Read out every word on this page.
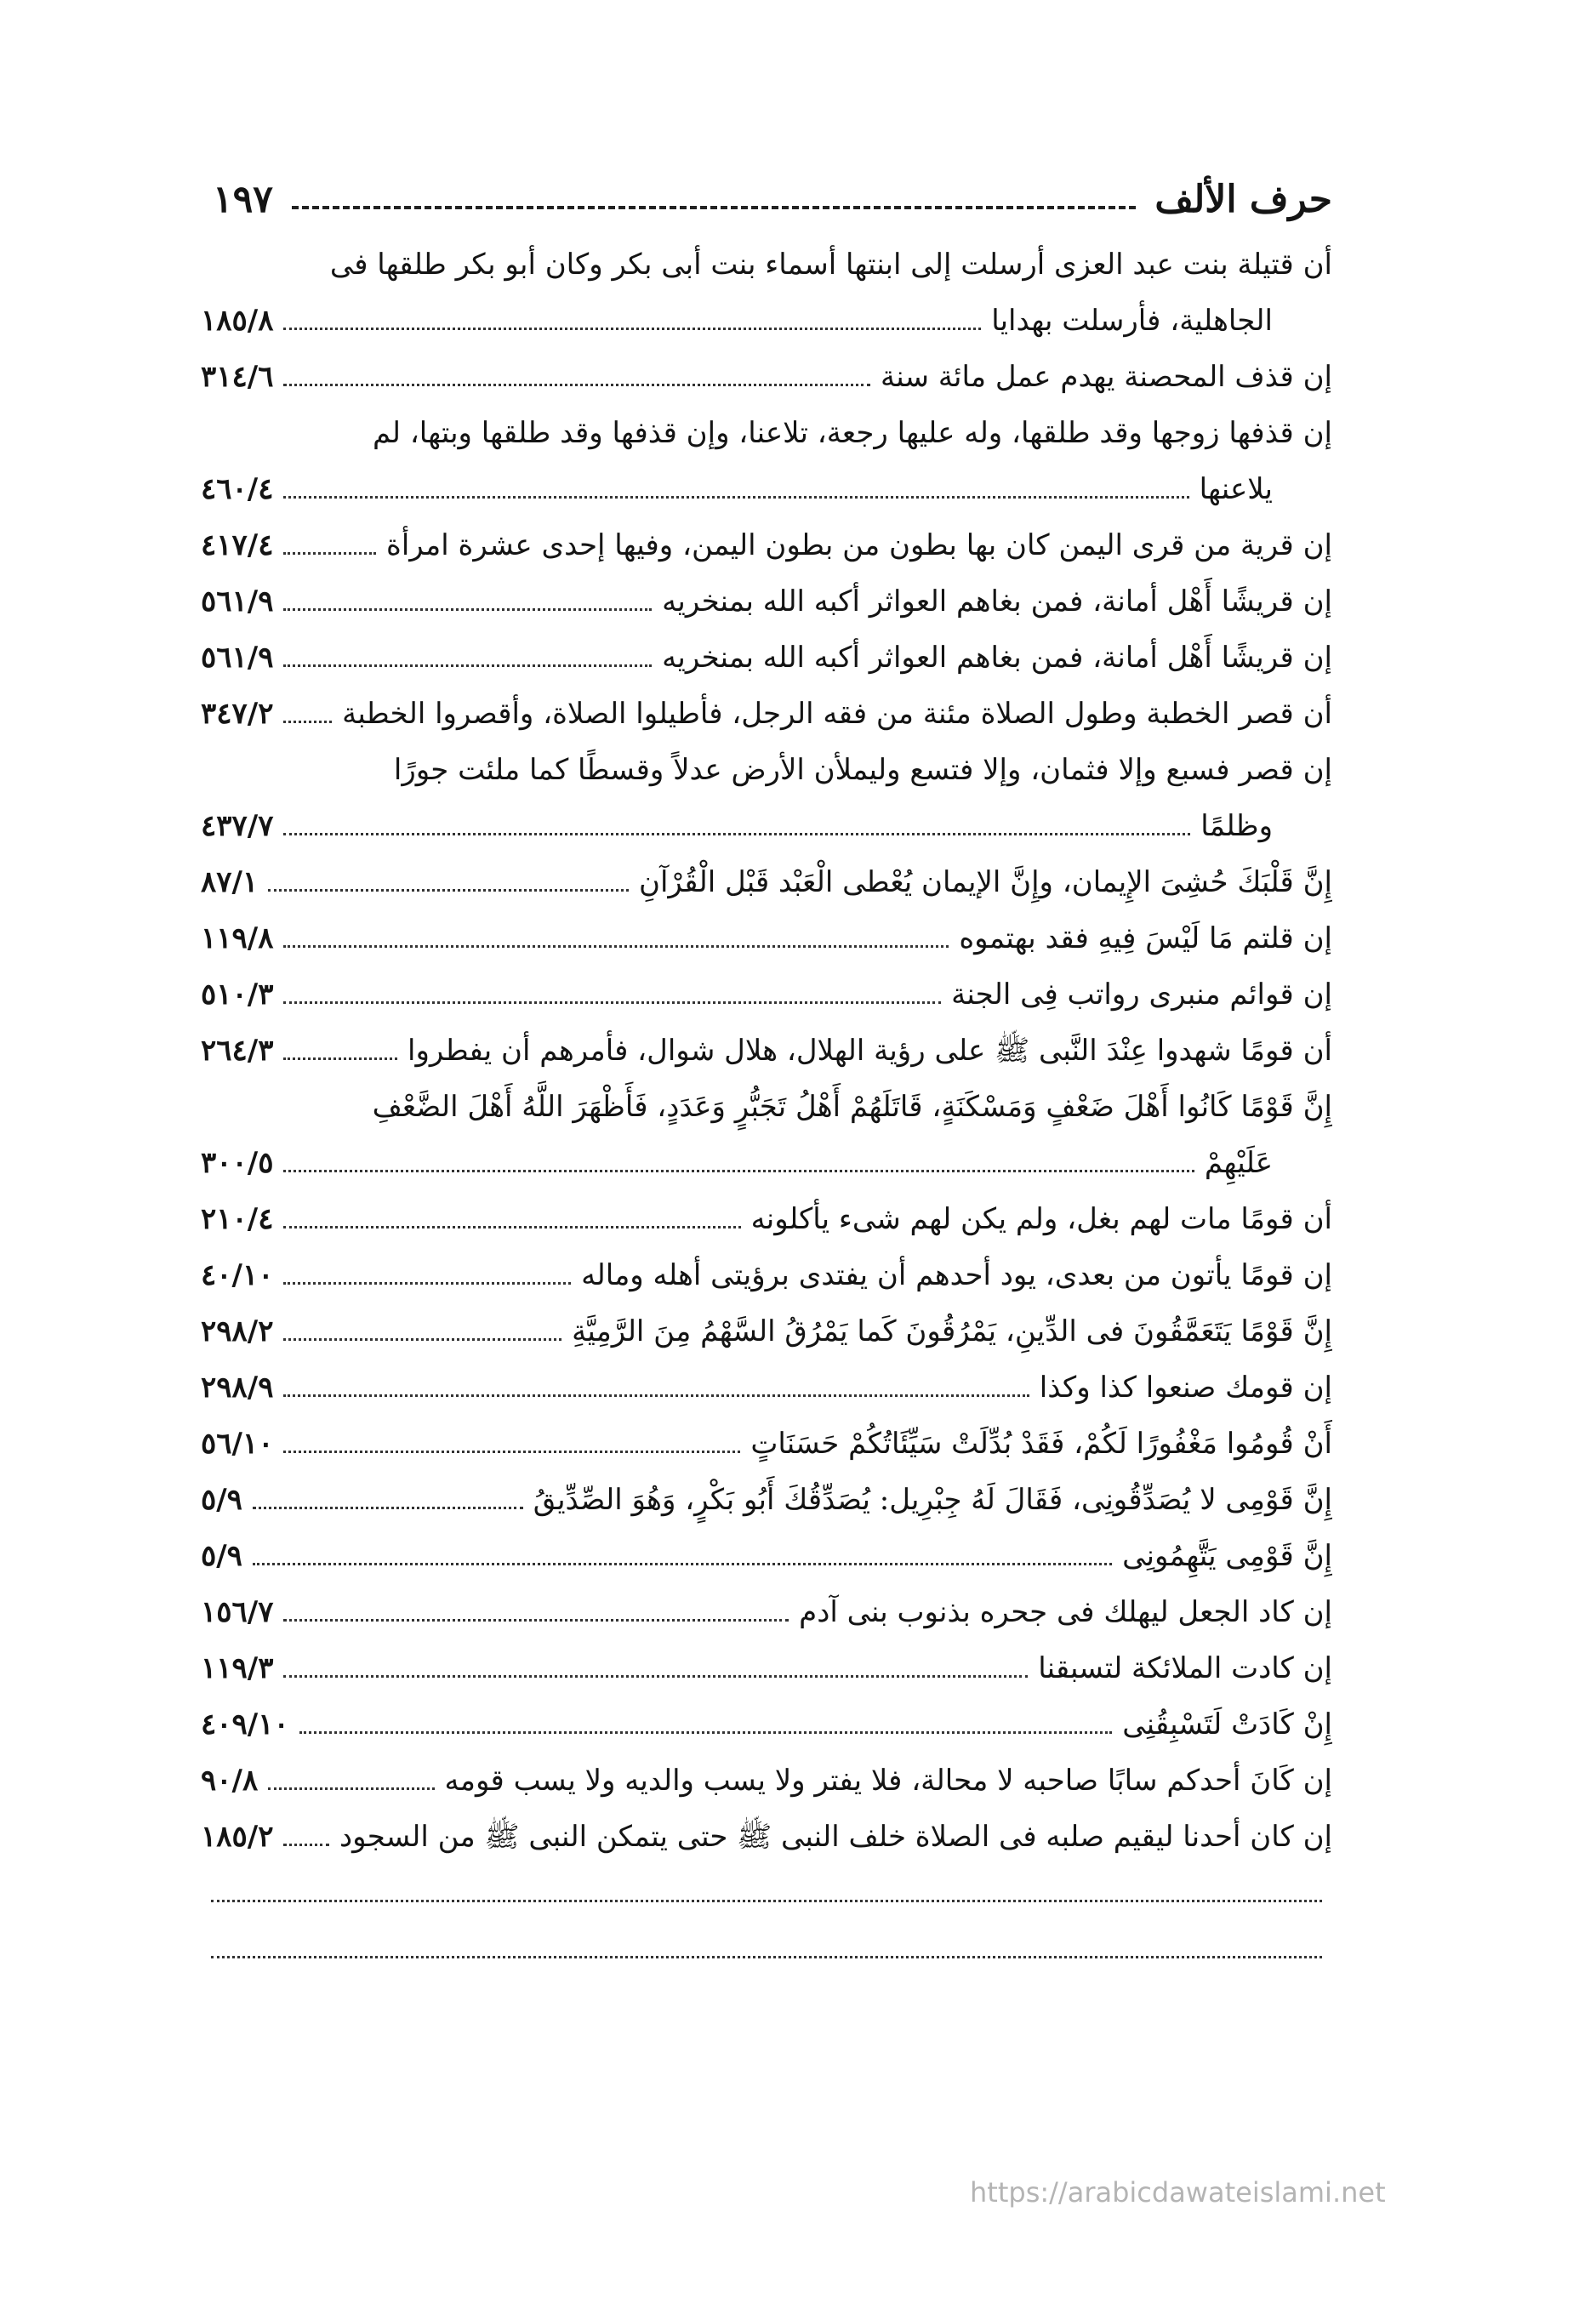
حرف الألف
١٩٧
أن قتيلة بنت عبد العزى أرسلت إلى ابنتها أسماء بنت أبى بكر وكان أبو بكر طلقها فى
الجاهلية، فأرسلت بهدايا
١٨٥/٨
إن قذف المحصنة يهدم عمل مائة سنة
٣١٤/٦
إن قذفها زوجها وقد طلقها، وله عليها رجعة، تلاعنا، وإن قذفها وقد طلقها وبتها، لم
يلاعنها
٤٦٠/٤
إن قرية من قرى اليمن كان بها بطون من بطون اليمن، وفيها إحدى عشرة امرأة
٤١٧/٤
إن قريشًا أَهْل أمانة، فمن بغاهم العواثر أكبه الله بمنخريه
٥٦١/٩
إن قريشًا أَهْل أمانة، فمن بغاهم العواثر أكبه الله بمنخريه
٥٦١/٩
أن قصر الخطبة وطول الصلاة مئنة من فقه الرجل، فأطيلوا الصلاة، وأقصروا الخطبة
٣٤٧/٢
إن قصر فسبع وإلا فثمان، وإلا فتسع وليملأن الأرض عدلاً وقسطًا كما ملئت جورًا
وظلمًا
٤٣٧/٧
إِنَّ قَلْبَكَ حُشِىَ الإِيمان، وإِنَّ الإيمان يُعْطى الْعَبْد قَبْل الْقُرْآنِ
٨٧/١
إن قلتم مَا لَيْسَ فِيهِ فقد بهتموه
١١٩/٨
إن قوائم منبرى رواتب فِى الجنة
٥١٠/٣
أن قومًا شهدوا عِنْدَ النَّبى ﷺ على رؤية الهلال، هلال شوال، فأمرهم أن يفطروا
٢٦٤/٣
إِنَّ قَوْمًا كَانُوا أَهْلَ ضَعْفٍ وَمَسْكَنَةٍ، قَاتَلَهُمْ أَهْلُ تَجَبُّرٍ وَعَدَدٍ، فَأَظْهَرَ اللَّهُ أَهْلَ الضَّعْفِ
عَلَيْهِمْ
٣٠٠/٥
أن قومًا مات لهم بغل، ولم يكن لهم شىء يأكلونه
٢١٠/٤
إن قومًا يأتون من بعدى، يود أحدهم أن يفتدى برؤيتى أهله وماله
٤٠/١٠
إِنَّ قَوْمًا يَتَعَمَّقُونَ فى الدِّينِ، يَمْرُقُونَ كَما يَمْرُقُ السَّهْمُ مِنَ الرَّمِيَّةِ
٢٩٨/٢
إن قومك صنعوا كذا وكذا
٢٩٨/٩
أَنْ قُومُوا مَغْفُورًا لَكُمْ، فَقَدْ بُدِّلَتْ سَيِّئَاتُكُمْ حَسَنَاتٍ
٥٦/١٠
إِنَّ قَوْمِى لا يُصَدِّقُونِى، فَقَالَ لَهُ جِبْرِيل: يُصَدِّقُكَ أَبُو بَكْرٍ، وَهُوَ الصِّدِّيقُ
٥/٩
إِنَّ قَوْمِى يَتَّهِمُونِى
٥/٩
إن كاد الجعل ليهلك فى جحره بذنوب بنى آدم
١٥٦/٧
إن كادت الملائكة لتسبقنا
١١٩/٣
إِنْ كَادَتْ لَتَسْبِقُنِى
٤٠٩/١٠
إن كَانَ أحدكم سابًا صاحبه لا محالة، فلا يفتر ولا يسب والديه ولا يسب قومه
٩٠/٨
إن كان أحدنا ليقيم صلبه فى الصلاة خلف النبى ﷺ حتى يتمكن النبى ﷺ من السجود
١٨٥/٢
https://arabicdawateislami.net
